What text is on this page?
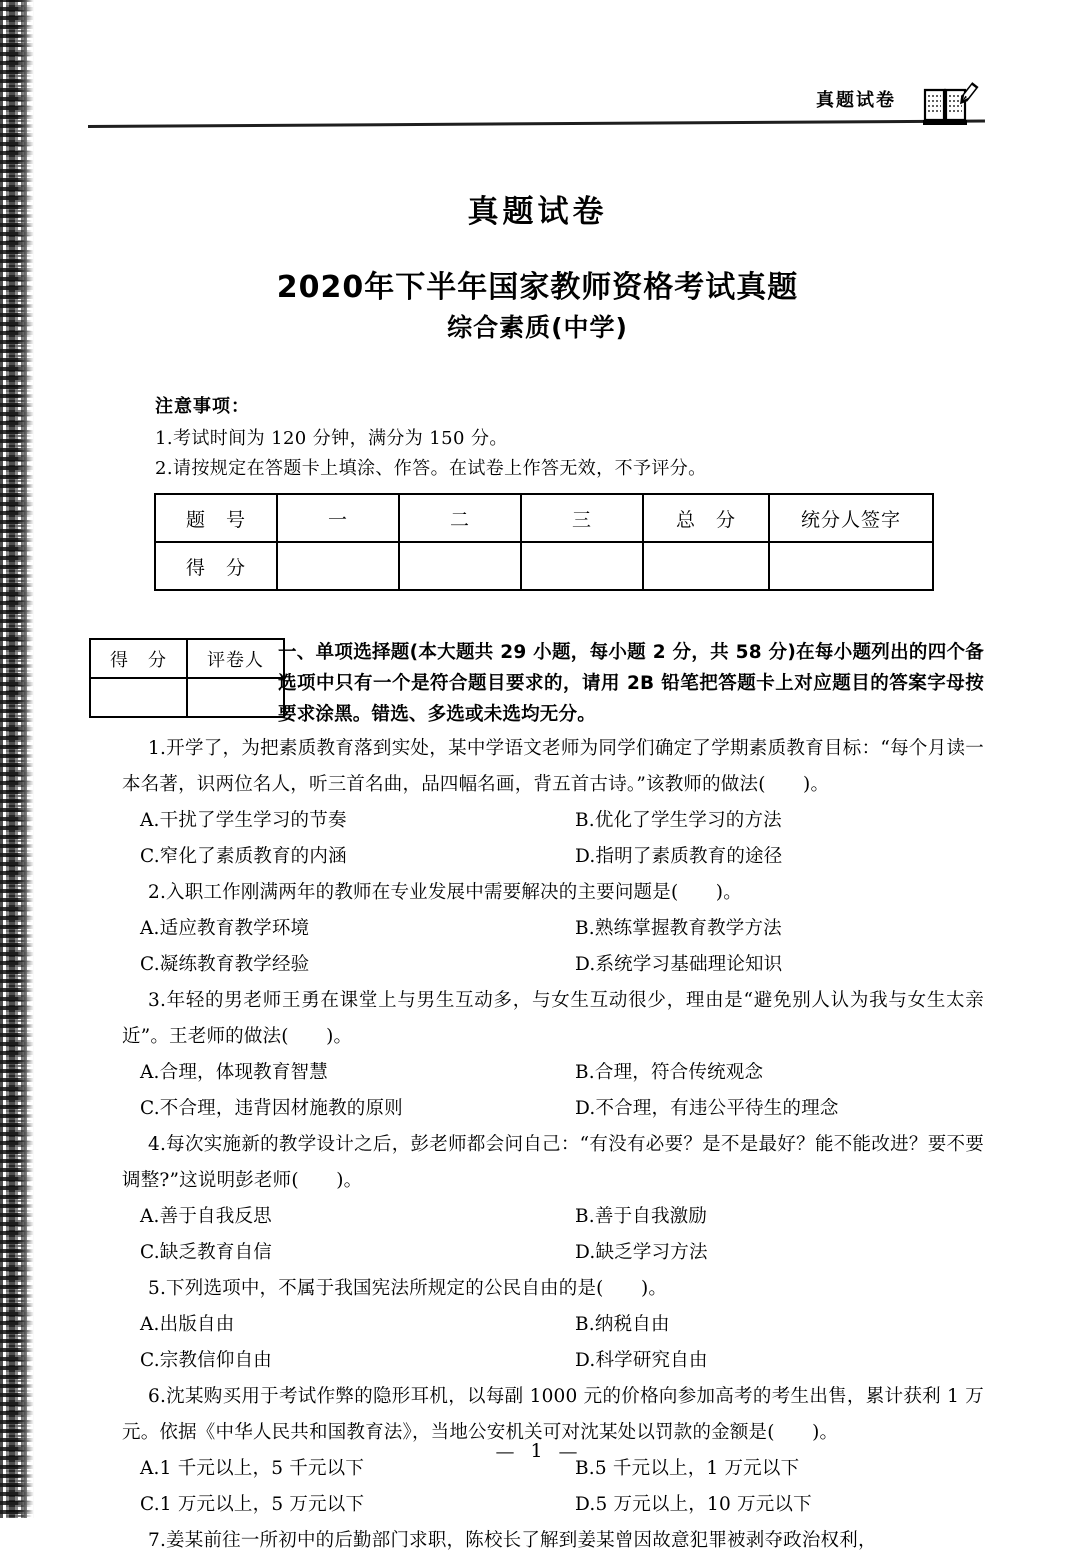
真题试卷
真题试卷
2020年下半年国家教师资格考试真题
综合素质(中学)
注意事项：
1.考试时间为 120 分钟，满分为 150 分。
2.请按规定在答题卡上填涂、作答。在试卷上作答无效，不予评分。
题　号	一	二	三	总　分	统分人签字
得　分					
得　分	评卷人
	一、单项选择题(本大题共 29 小题，每小题 2 分，共 58 分)在每小题列出的四个备选项中只有一个是符合题目要求的，请用 2B 铅笔把答题卡上对应题目的答案字母按要求涂黑。错选、多选或未选均无分。
1.开学了，为把素质教育落到实处，某中学语文老师为同学们确定了学期素质教育目标：“每个月读一本名著，识两位名人，听三首名曲，品四幅名画，背五首古诗。”该教师的做法(　　)。
A.干扰了学生学习的节奏	B.优化了学生学习的方法
C.窄化了素质教育的内涵	D.指明了素质教育的途径
2.入职工作刚满两年的教师在专业发展中需要解决的主要问题是(　　)。
A.适应教育教学环境	B.熟练掌握教育教学方法
C.凝练教育教学经验	D.系统学习基础理论知识
3.年轻的男老师王勇在课堂上与男生互动多，与女生互动很少，理由是“避免别人认为我与女生太亲近”。王老师的做法(　　)。
A.合理，体现教育智慧	B.合理，符合传统观念
C.不合理，违背因材施教的原则	D.不合理，有违公平待生的理念
4.每次实施新的教学设计之后，彭老师都会问自己：“有没有必要？是不是最好？能不能改进？要不要调整?”这说明彭老师(　　)。
A.善于自我反思	B.善于自我激励
C.缺乏教育自信	D.缺乏学习方法
5.下列选项中，不属于我国宪法所规定的公民自由的是(　　)。
A.出版自由	B.纳税自由
C.宗教信仰自由	D.科学研究自由
6.沈某购买用于考试作弊的隐形耳机，以每副 1000 元的价格向参加高考的考生出售，累计获利 1 万元。依据《中华人民共和国教育法》，当地公安机关可对沈某处以罚款的金额是(　　)。
A.1 千元以上，5 千元以下	B.5 千元以上，1 万元以下
C.1 万元以上，5 万元以下	D.5 万元以上，10 万元以下
7.姜某前往一所初中的后勤部门求职，陈校长了解到姜某曾因故意犯罪被剥夺政治权利，
— 1 —
